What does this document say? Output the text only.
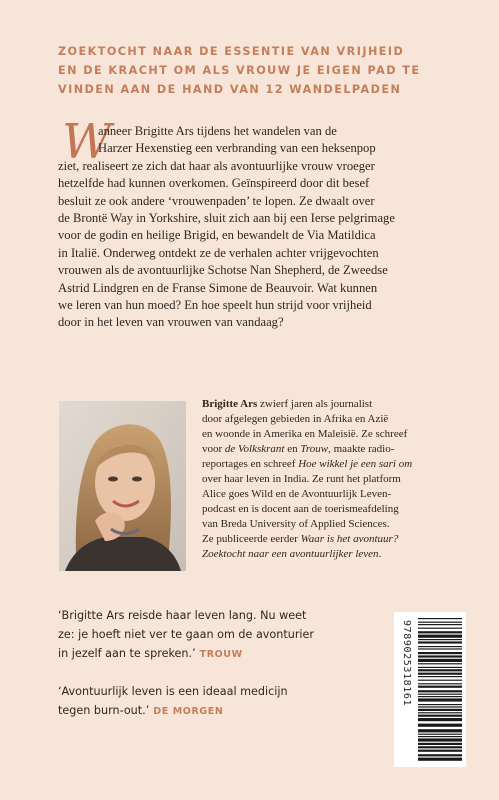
ZOEKTOCHT NAAR DE ESSENTIE VAN VRIJHEID
EN DE KRACHT OM ALS VROUW JE EIGEN PAD TE
VINDEN AAN DE HAND VAN 12 WANDELPADEN
W
anneer Brigitte Ars tijdens het wandelen van de
Harzer Hexenstieg een verbranding van een heksenpop
ziet, realiseert ze zich dat haar als avontuurlijke vrouw vroeger
hetzelfde had kunnen overkomen. Geïnspireerd door dit besef
besluit ze ook andere ‘vrouwenpaden’ te lopen. Ze dwaalt over
de Brontë Way in Yorkshire, sluit zich aan bij een Ierse pelgrimage
voor de godin en heilige Brigid, en bewandelt de Via Matildica
in Italië. Onderweg ontdekt ze de verhalen achter vrijgevochten
vrouwen als de avontuurlijke Schotse Nan Shepherd, de Zweedse
Astrid Lindgren en de Franse Simone de Beauvoir. Wat kunnen
we leren van hun moed? En hoe speelt hun strijd voor vrijheid
door in het leven van vrouwen van vandaag?
Brigitte Ars zwierf jaren als journalist
door afgelegen gebieden in Afrika en Azië
en woonde in Amerika en Maleisië. Ze schreef
voor de Volkskrant en Trouw, maakte radio-
reportages en schreef Hoe wikkel je een sari om
over haar leven in India. Ze runt het platform
Alice goes Wild en de Avontuurlijk Leven-
podcast en is docent aan de toerismeafdeling
van Breda University of Applied Sciences.
Ze publiceerde eerder Waar is het avontuur?
Zoektocht naar een avontuurlijker leven.
‘Brigitte Ars reisde haar leven lang. Nu weet
ze: je hoeft niet ver te gaan om de avonturier
in jezelf aan te spreken.’ TROUW
‘Avontuurlijk leven is een ideaal medicijn
tegen burn-out.’ DE MORGEN
9789025318161
